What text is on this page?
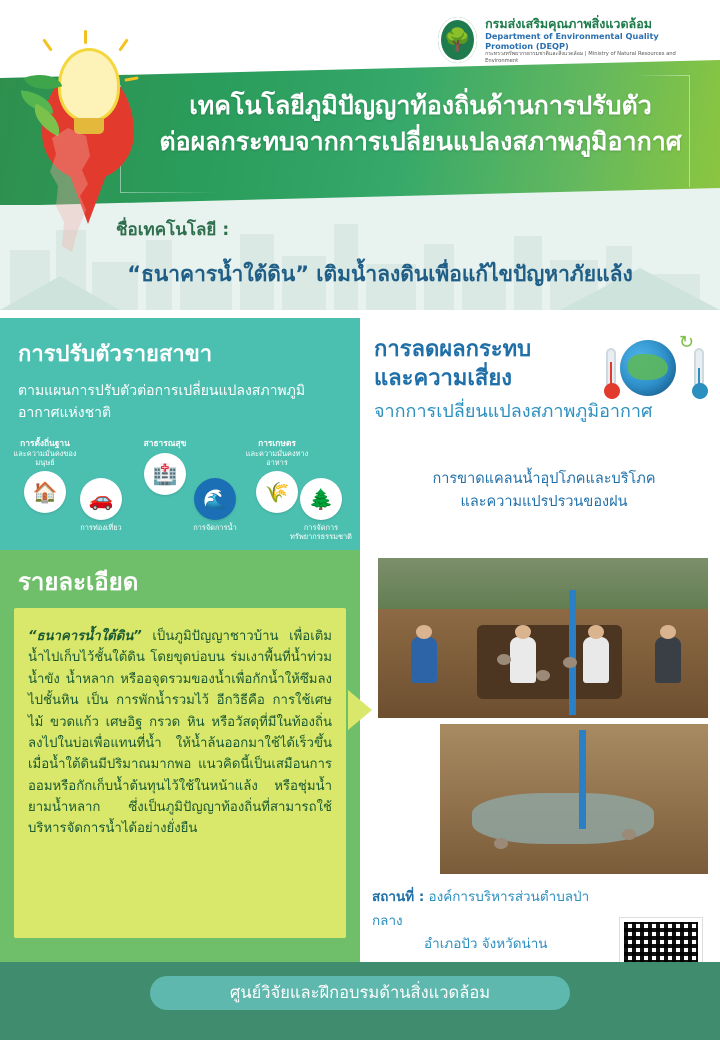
เทคโนโลยีภูมิปัญญาท้องถิ่นด้านการปรับตัว
ต่อผลกระทบจากการเปลี่ยนแปลงสภาพภูมิอากาศ
🌳
กรมส่งเสริมคุณภาพสิ่งแวดล้อม
Department of Environmental Quality Promotion (DEQP)
กระทรวงทรัพยากรธรรมชาติและสิ่งแวดล้อม | Ministry of Natural Resources and Environment
ชื่อเทคโนโลยี :
“ธนาคารน้ำใต้ดิน” เติมน้ำลงดินเพื่อแก้ไขปัญหาภัยแล้ง
การปรับตัวรายสาขา

ตามแผนการปรับตัวต่อการเปลี่ยนแปลงสภาพภูมิอากาศแห่งชาติ

การตั้งถิ่นฐาน
และความมั่นคงของมนุษย์
🏠	🚗
การท่องเที่ยว
สาธารณสุข
🏥
🌊
การจัดการน้ำ
การเกษตร
และความมั่นคงทางอาหาร
🌾 🌲
การจัดการทรัพยากรธรรมชาติ
การลดผลกระทบ
และความเสี่ยง
จากการเปลี่ยนแปลงสภาพภูมิอากาศ
↻
การขาดแคลนน้ำอุปโภคและบริโภค
และความแปรปรวนของฝน
รายละเอียด
“ธนาคารน้ำใต้ดิน” เป็นภูมิปัญญาชาวบ้าน เพื่อเติมน้ำไปเก็บไว้ชั้นใต้ดิน โดยขุดบ่อบน ร่มเงาพื้นที่น้ำท่วม น้ำขัง น้ำหลาก หรืออจุดรวมของน้ำเพื่อกักน้ำให้ซึมลงไปชั้นหิน เป็น การพักน้ำรวมไว้ อีกวิธีคือ การใช้เศษไม้ ขวดแก้ว เศษอิฐ กรวด หิน หรือวัสดุที่มีในท้องถิ่นลงไปในบ่อเพื่อแทนที่น้ำ ให้น้ำล้นออกมาใช้ได้เร็วขึ้นเมื่อน้ำใต้ดินมีปริมาณมากพอ แนวคิดนี้เป็นเสมือนการออมหรือกักเก็บน้ำต้นทุนไว้ใช้ในหน้าแล้ง หรือชุ่มน้ำยามน้ำหลาก ซึ่งเป็นภูมิปัญญาท้องถิ่นที่สามารถใช้บริหารจัดการน้ำได้อย่างยั่งยืน
สถานที่ : องค์การบริหารส่วนตำบลป่ากลาง
อำเภอปัว จังหวัดน่าน
ศูนย์วิจัยและฝึกอบรมด้านสิ่งแวดล้อม
